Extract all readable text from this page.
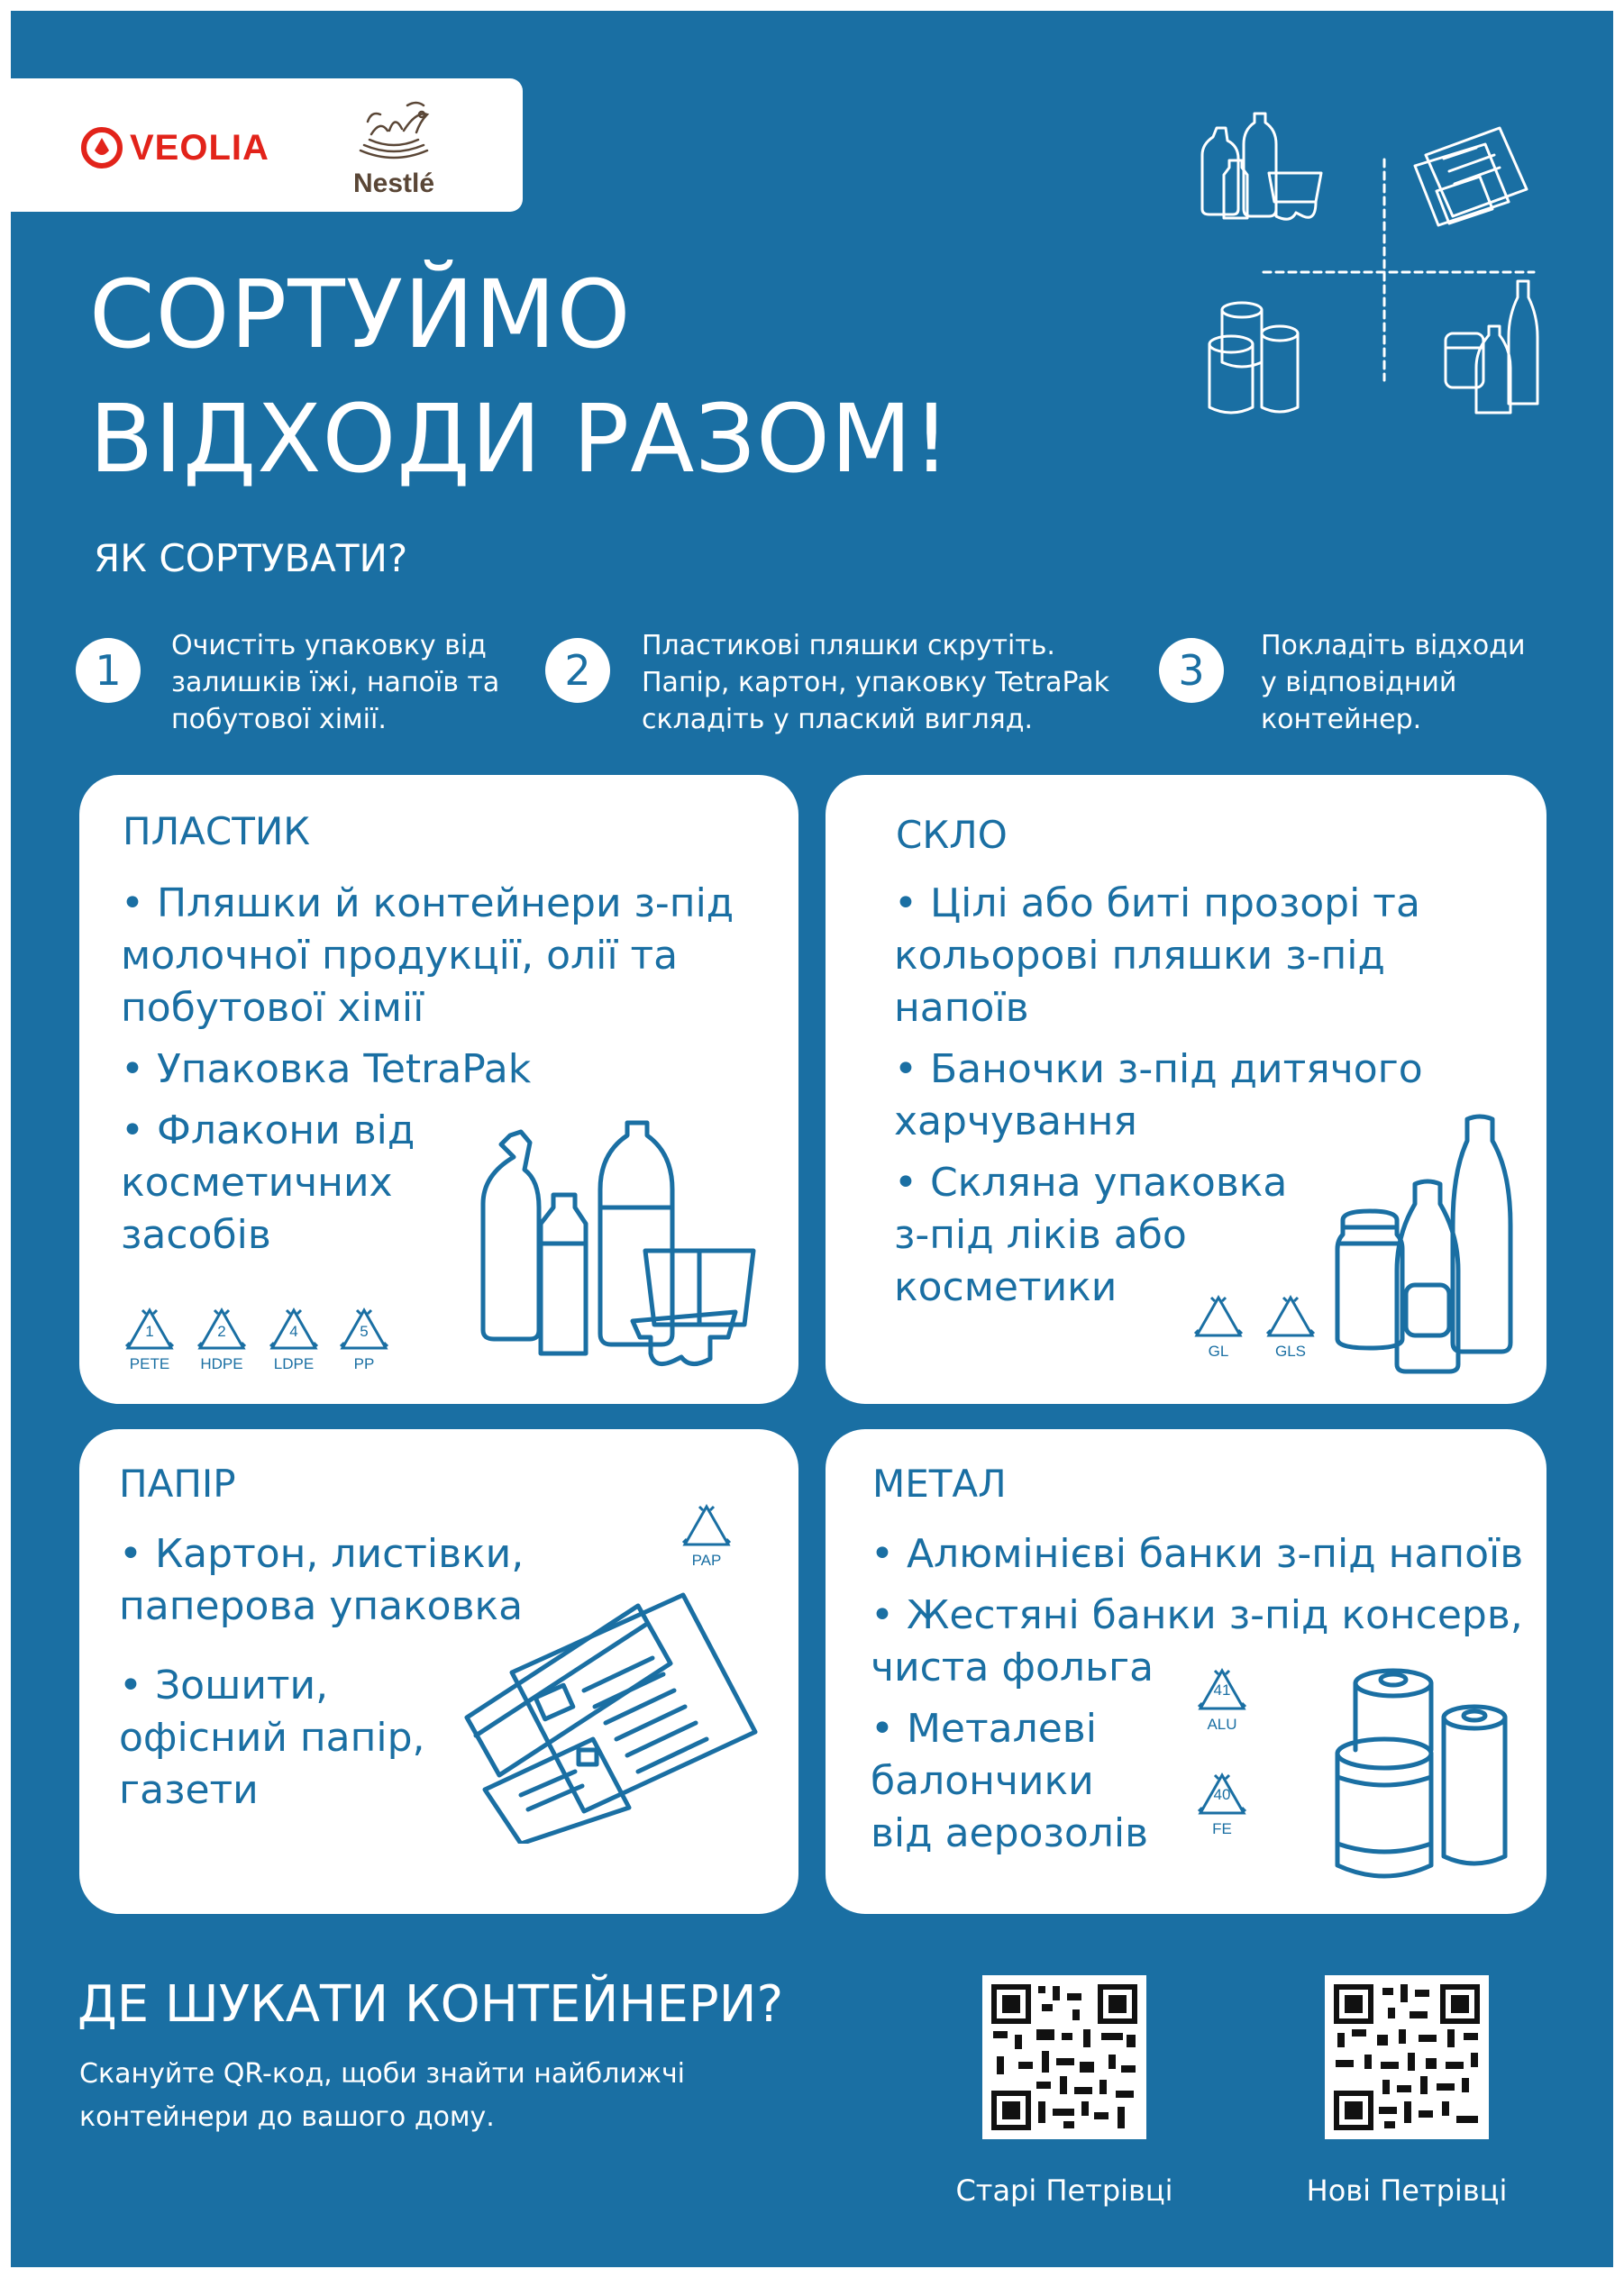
VEOLIA
Nestlé
СОРТУЙМО
ВІДХОДИ РАЗОМ!
ЯК СОРТУВАТИ?
1
Очистіть упаковку від
залишків їжі, напоїв та
побутової хімії.
2
Пластикові пляшки скрутіть.
Папір, картон, упаковку TetraPak
складіть у плаский вигляд.
3
Покладіть відходи
у відповідний
контейнер.
ПЛАСТИК
• Пляшки й контейнери з-під
молочної продукції, олії та
побутової хімії
• Упаковка TetraPak
• Флакони від
косметичних
засобів
1
PETE
2
HDPE
4
LDPE
5
PP
СКЛО
• Цілі або биті прозорі та
кольорові пляшки з-під
напоїв
• Баночки з-під дитячого
харчування
• Скляна упаковка
з-під ліків або
косметики
GL	GLS
ПАПІР
• Картон, листівки,
паперова упаковка
• Зошити,
офісний папір,
газети
PAP
МЕТАЛ
• Алюмінієві банки з-під напоїв
• Жестяні банки з-під консерв,
чиста фольга
• Металеві
балончики
від аерозолів
41
ALU
40
FE
ДЕ ШУКАТИ КОНТЕЙНЕРИ?
Скануйте QR-код, щоби знайти найближчі
контейнери до вашого дому.
Старі Петрівці	Нові Петрівці
